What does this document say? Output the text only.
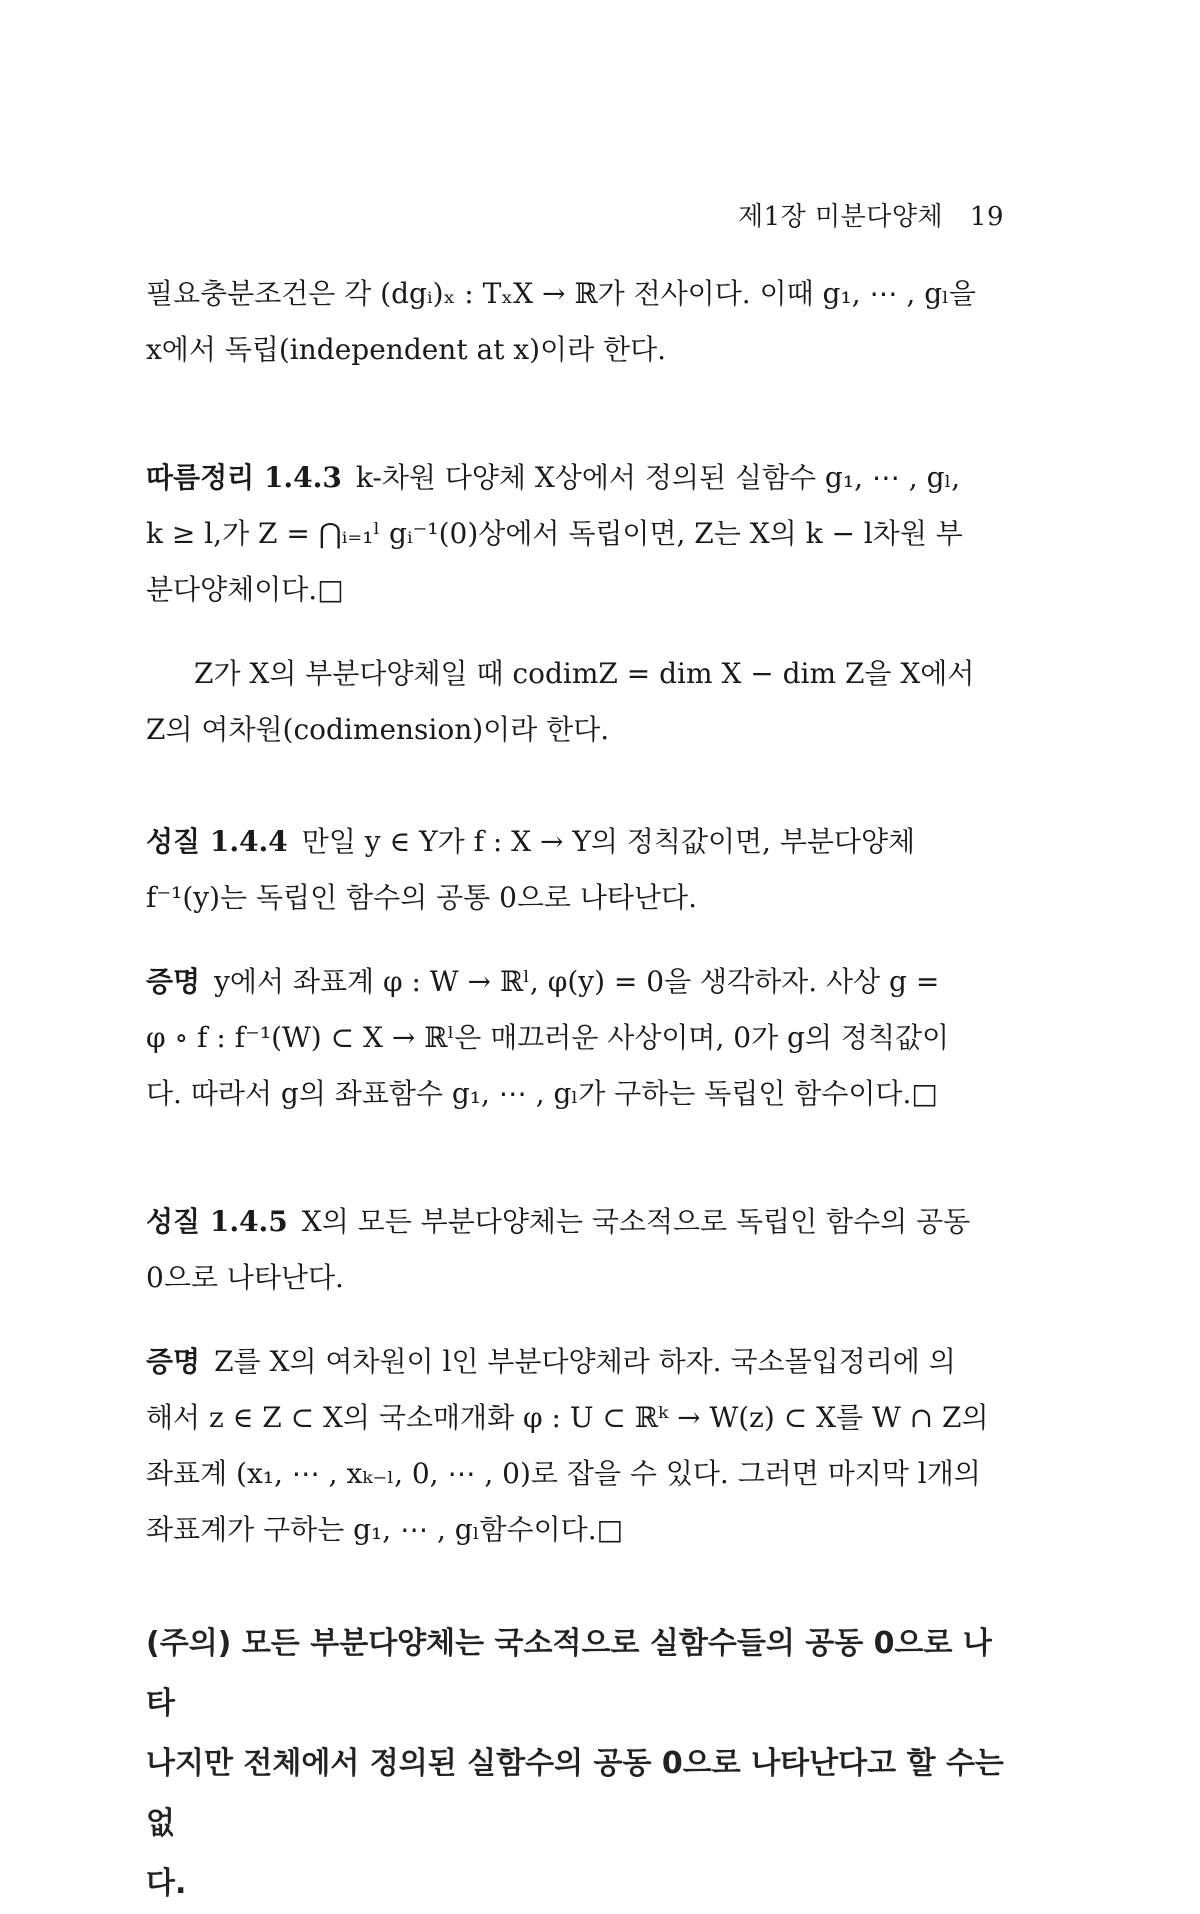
제1장 미분다양체 19
필요충분조건은 각 (dgᵢ)ₓ : TₓX → ℝ가 전사이다. 이때 g₁, ⋯ , gₗ을
x에서 독립(independent at x)이라 한다.
따름정리 1.4.3 k-차원 다양체 X상에서 정의된 실함수 g₁, ⋯ , gₗ,
k ≥ l,가 Z = ⋂ᵢ₌₁ˡ gᵢ⁻¹(0)상에서 독립이면, Z는 X의 k − l차원 부
분다양체이다.□
Z가 X의 부분다양체일 때 codimZ = dim X − dim Z을 X에서
Z의 여차원(codimension)이라 한다.
성질 1.4.4 만일 y ∈ Y가 f : X → Y의 정칙값이면, 부분다양체
f⁻¹(y)는 독립인 함수의 공통 0으로 나타난다.
증명 y에서 좌표계 φ : W → ℝˡ, φ(y) = 0을 생각하자. 사상 g =
φ ∘ f : f⁻¹(W) ⊂ X → ℝˡ은 매끄러운 사상이며, 0가 g의 정칙값이
다. 따라서 g의 좌표함수 g₁, ⋯ , gₗ가 구하는 독립인 함수이다.□
성질 1.4.5 X의 모든 부분다양체는 국소적으로 독립인 함수의 공동
0으로 나타난다.
증명 Z를 X의 여차원이 l인 부분다양체라 하자. 국소몰입정리에 의
해서 z ∈ Z ⊂ X의 국소매개화 φ : U ⊂ ℝᵏ → W(z) ⊂ X를 W ∩ Z의
좌표계 (x₁, ⋯ , xₖ₋ₗ, 0, ⋯ , 0)로 잡을 수 있다. 그러면 마지막 l개의
좌표계가 구하는 g₁, ⋯ , gₗ함수이다.□
(주의) 모든 부분다양체는 국소적으로 실함수들의 공동 0으로 나타
나지만 전체에서 정의된 실함수의 공동 0으로 나타난다고 할 수는 없
다.
